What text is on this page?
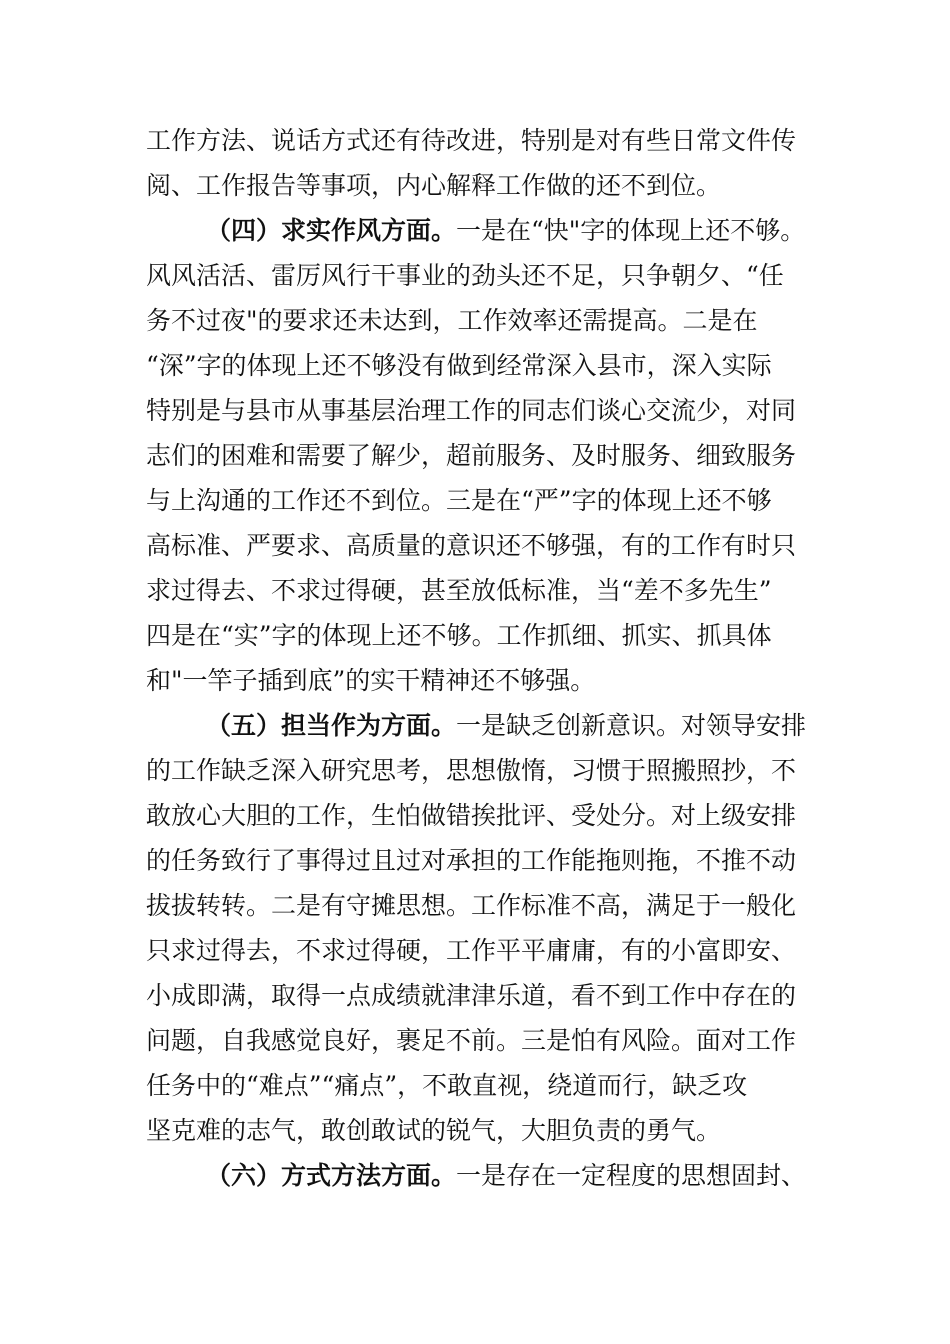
工作方法、说话方式还有待改进，特别是对有些日常文件传
阅、工作报告等事项，内心解释工作做的还不到位。
（四）求实作风方面。一是在“快"字的体现上还不够。
风风活活、雷厉风行干事业的劲头还不足，只争朝夕、“任
务不过夜"的要求还未达到，工作效率还需提高。二是在
“深”字的体现上还不够没有做到经常深入县市，深入实际
特别是与县市从事基层治理工作的同志们谈心交流少，对同
志们的困难和需要了解少，超前服务、及时服务、细致服务
与上沟通的工作还不到位。三是在“严”字的体现上还不够
高标准、严要求、高质量的意识还不够强，有的工作有时只
求过得去、不求过得硬，甚至放低标准，当“差不多先生”
四是在“实”字的体现上还不够。工作抓细、抓实、抓具体
和"一竿子插到底”的实干精神还不够强。
（五）担当作为方面。一是缺乏创新意识。对领导安排
的工作缺乏深入研究思考，思想傲惰，习惯于照搬照抄，不
敢放心大胆的工作，生怕做错挨批评、受处分。对上级安排
的任务致行了事得过且过对承担的工作能拖则拖，不推不动
拔拔转转。二是有守摊思想。工作标准不高，满足于一般化
只求过得去，不求过得硬，工作平平庸庸，有的小富即安、
小成即满，取得一点成绩就津津乐道，看不到工作中存在的
问题，自我感觉良好，裹足不前。三是怕有风险。面对工作
任务中的“难点”“痛点”，不敢直视，绕道而行，缺乏攻
坚克难的志气，敢创敢试的锐气，大胆负责的勇气。
（六）方式方法方面。一是存在一定程度的思想固封、
